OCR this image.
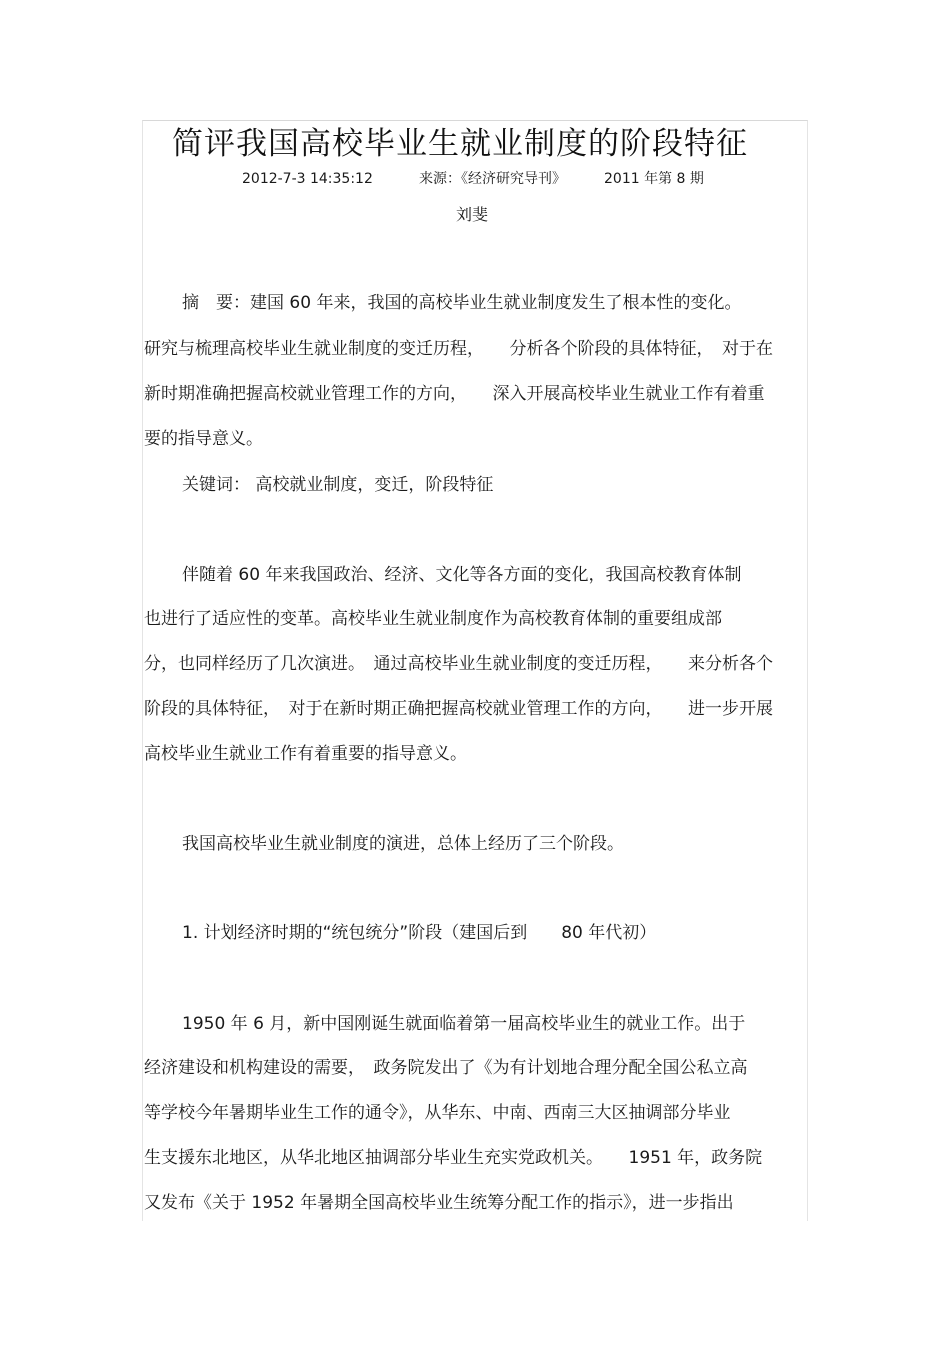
简评我国高校毕业生就业制度的阶段特征
2012-7-3 14:35:12	来源：《经济研究导刊》	2011 年第 8 期
刘斐
摘　要：建国 60 年来，我国的高校毕业生就业制度发生了根本性的变化。
研究与梳理高校毕业生就业制度的变迁历程，　　分析各个阶段的具体特征，　对于在
新时期准确把握高校就业管理工作的方向，　　深入开展高校毕业生就业工作有着重
要的指导意义。
关键词： 高校就业制度，变迁，阶段特征
伴随着 60 年来我国政治、经济、文化等各方面的变化，我国高校教育体制
也进行了适应性的变革。高校毕业生就业制度作为高校教育体制的重要组成部
分，也同样经历了几次演进。　通过高校毕业生就业制度的变迁历程，　　来分析各个
阶段的具体特征，　对于在新时期正确把握高校就业管理工作的方向，　　进一步开展
高校毕业生就业工作有着重要的指导意义。
我国高校毕业生就业制度的演进，总体上经历了三个阶段。
1. 计划经济时期的“统包统分”阶段（建国后到　　80 年代初）
1950 年 6 月，新中国刚诞生就面临着第一届高校毕业生的就业工作。出于
经济建设和机构建设的需要，　政务院发出了《为有计划地合理分配全国公私立高
等学校今年暑期毕业生工作的通令》，从华东、中南、西南三大区抽调部分毕业
生支援东北地区，从华北地区抽调部分毕业生充实党政机关。　　1951 年，政务院
又发布《关于 1952 年暑期全国高校毕业生统筹分配工作的指示》，进一步指出
